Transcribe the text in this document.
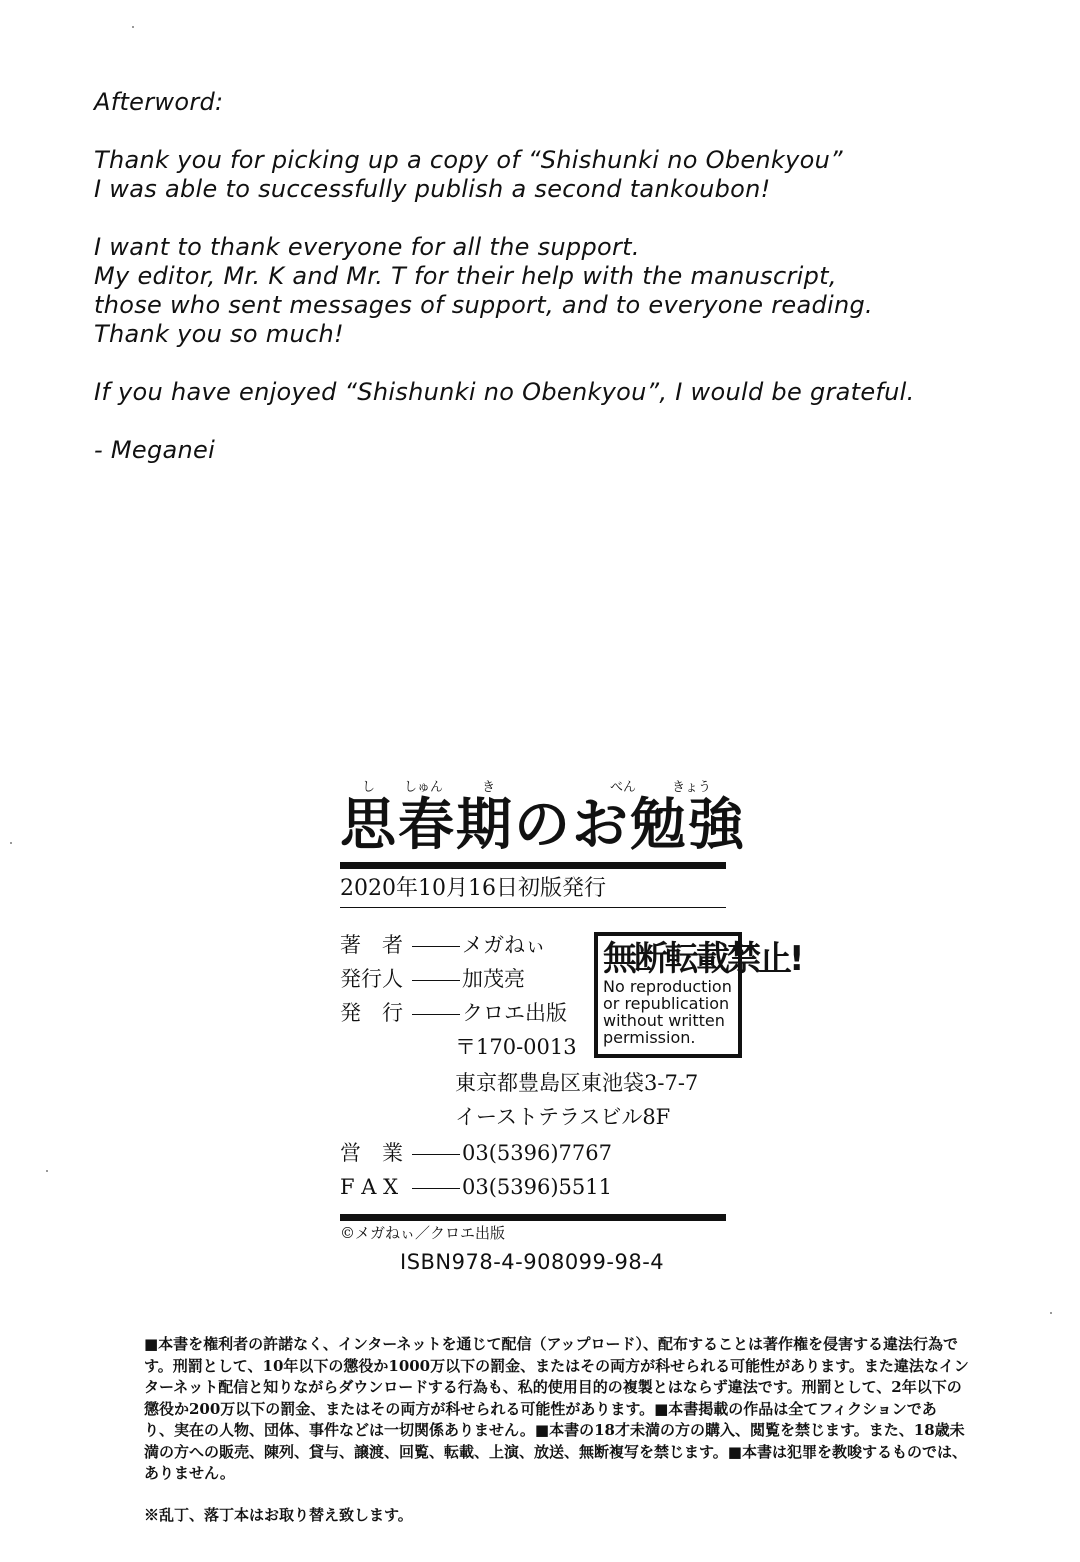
Afterword:
Thank you for picking up a copy of “Shishunki no Obenkyou”
I was able to successfully publish a second tankoubon!
I want to thank everyone for all the support.
My editor, Mr. K and Mr. T for their help with the manuscript,
those who sent messages of support, and to everyone reading.
Thank you so much!
If you have enjoyed “Shishunki no Obenkyou”, I would be grateful.
- Meganei
し しゅん	き	べん	きょう
思春期のお勉強
2020年10月16日初版発行
著　者	メガねぃ
発行人	加茂亮
発　行	クロエ出版
〒170-0013
東京都豊島区東池袋3-7-7
イーストテラスビル8F
営　業	03(5396)7767
F A X	03(5396)5511
無断転載禁止!
No reproduction
or republication
without written
permission.
©メガねぃ／クロエ出版
ISBN978-4-908099-98-4
■本書を権利者の許諾なく、インターネットを通じて配信（アップロード）、配布することは著作権を侵害する違法行為で
す。刑罰として、10年以下の懲役か1000万以下の罰金、またはその両方が科せられる可能性があります。また違法なイン
ターネット配信と知りながらダウンロードする行為も、私的使用目的の複製とはならず違法です。刑罰として、2年以下の
懲役か200万以下の罰金、またはその両方が科せられる可能性があります。■本書掲載の作品は全てフィクションであ
り、実在の人物、団体、事件などは一切関係ありません。■本書の18才未満の方の購入、閲覧を禁じます。また、18歳未
満の方への販売、陳列、貸与、譲渡、回覧、転載、上演、放送、無断複写を禁じます。■本書は犯罪を教唆するものでは、
ありません。
※乱丁、落丁本はお取り替え致します。
